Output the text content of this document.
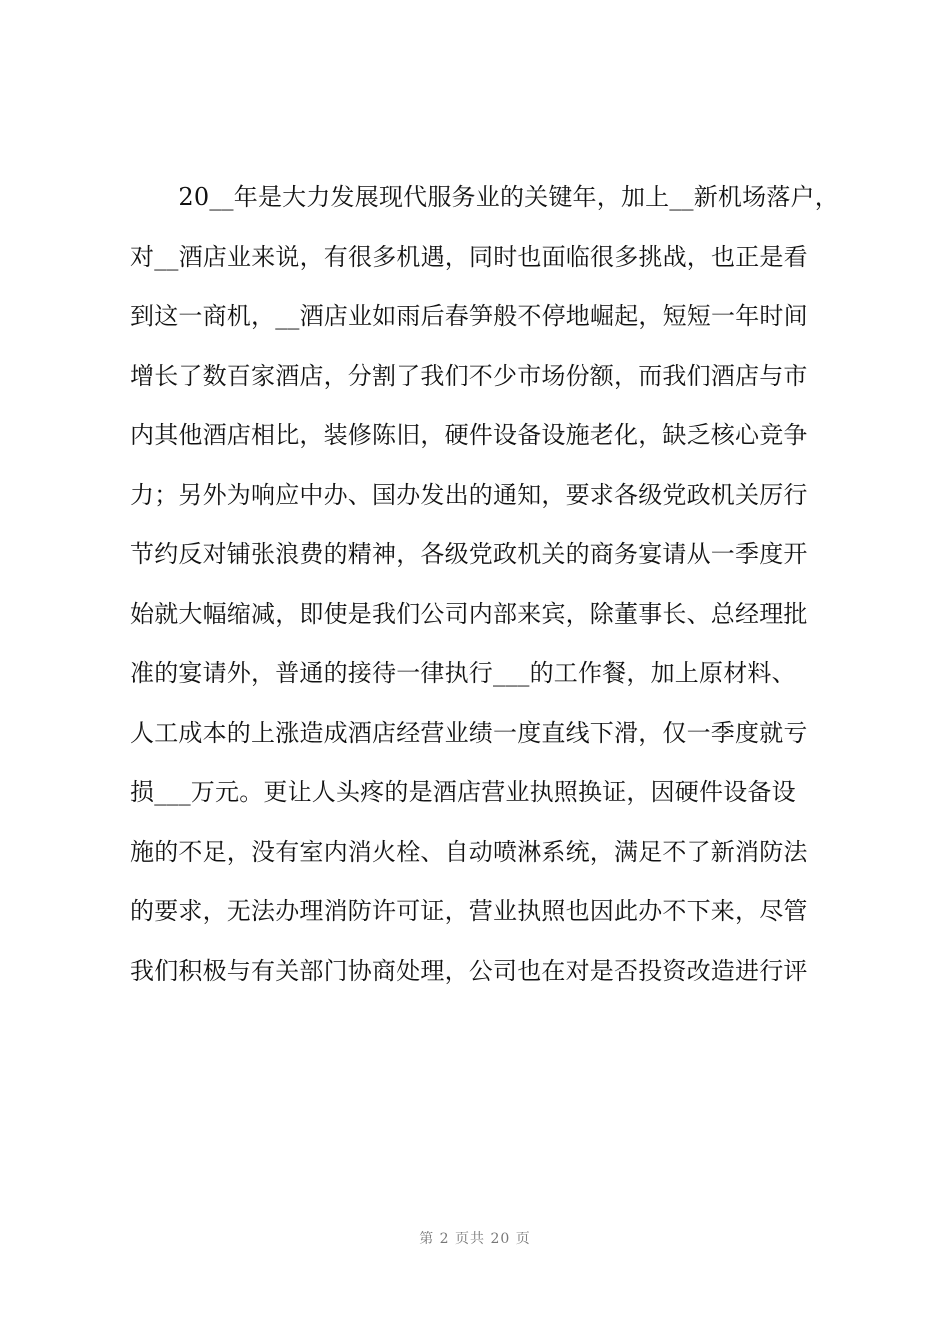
　　20__年是大力发展现代服务业的关键年，加上__新机场落户，
对__酒店业来说，有很多机遇，同时也面临很多挑战，也正是看
到这一商机，__酒店业如雨后春笋般不停地崛起，短短一年时间
增长了数百家酒店，分割了我们不少市场份额，而我们酒店与市
内其他酒店相比，装修陈旧，硬件设备设施老化，缺乏核心竞争
力；另外为响应中办、国办发出的通知，要求各级党政机关厉行
节约反对铺张浪费的精神，各级党政机关的商务宴请从一季度开
始就大幅缩减，即使是我们公司内部来宾，除董事长、总经理批
准的宴请外，普通的接待一律执行___的工作餐，加上原材料、
人工成本的上涨造成酒店经营业绩一度直线下滑，仅一季度就亏
损___万元。更让人头疼的是酒店营业执照换证，因硬件设备设
施的不足，没有室内消火栓、自动喷淋系统，满足不了新消防法
的要求，无法办理消防许可证，营业执照也因此办不下来，尽管
我们积极与有关部门协商处理，公司也在对是否投资改造进行评
第 2 页共 20 页
